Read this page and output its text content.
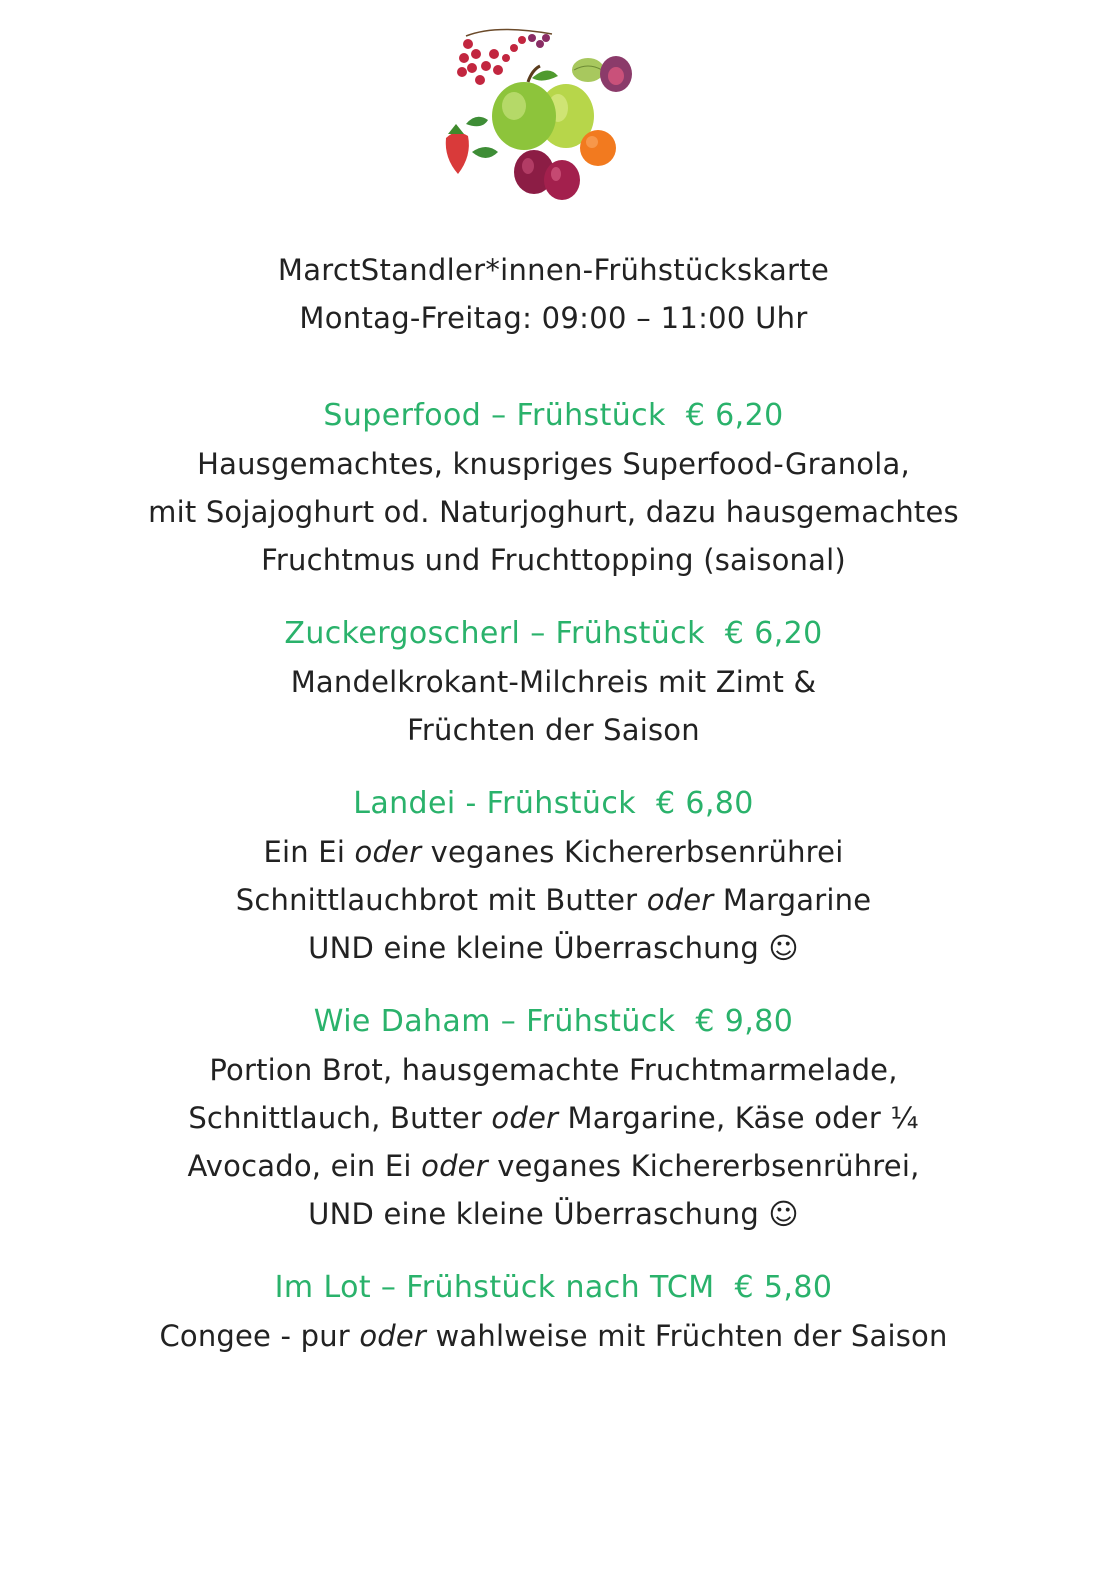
MarctStandler*innen-Frühstückskarte
Montag-Freitag: 09:00 – 11:00 Uhr
Superfood – Frühstück € 6,20
Hausgemachtes, knuspriges Superfood-Granola,
mit Sojajoghurt od. Naturjoghurt, dazu hausgemachtes
Fruchtmus und Fruchttopping (saisonal)
Zuckergoscherl – Frühstück € 6,20
Mandelkrokant-Milchreis mit Zimt &
Früchten der Saison
Landei - Frühstück € 6,80
Ein Ei oder veganes Kichererbsenrührei
Schnittlauchbrot mit Butter oder Margarine
UND eine kleine Überraschung ☺
Wie Daham – Frühstück € 9,80
Portion Brot, hausgemachte Fruchtmarmelade,
Schnittlauch, Butter oder Margarine, Käse oder ¼
Avocado, ein Ei oder veganes Kichererbsenrührei,
UND eine kleine Überraschung ☺
Im Lot – Frühstück nach TCM € 5,80
Congee - pur oder wahlweise mit Früchten der Saison
